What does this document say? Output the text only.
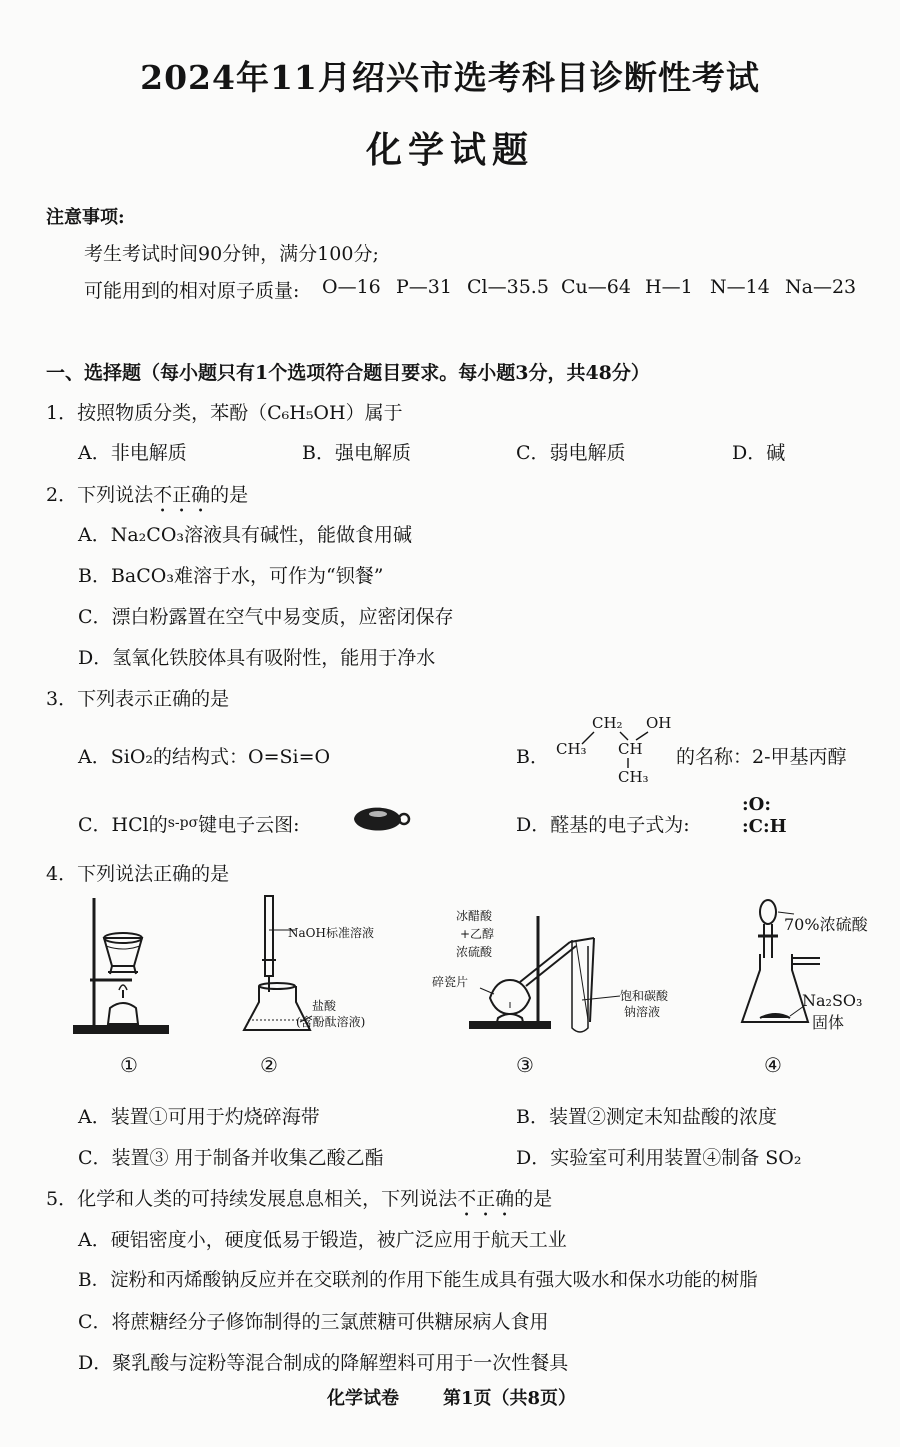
2024年11月绍兴市选考科目诊断性考试
化学试题
注意事项:
考生考试时间90分钟，满分100分;
可能用到的相对原子质量: O—16 P—31 Cl—35.5 Cu—64 H—1 N—14 Na—23
一、选择题（每小题只有1个选项符合题目要求。每小题3分，共48分）
1．按照物质分类，苯酚（C₆H₅OH）属于
A．非电解质	B．强电解质	C．弱电解质	D．碱
2．下列说法不正确的是
A．Na₂CO₃溶液具有碱性，能做食用碱
B．BaCO₃难溶于水，可作为“钡餐”
C．漂白粉露置在空气中易变质，应密闭保存
D．氢氧化铁胶体具有吸附性，能用于净水
3．下列表示正确的是
A．SiO₂的结构式：O=Si=O	B．
CH₂ OH
CH₃ CH
CH₃
的名称：2-甲基丙醇
C．HCl的$^{s-p\sigma}$键电子云图:	D．醛基的电子式为:
:O:
:C:H
4．下列说法正确的是
NaOH标准溶液
盐酸
(含酚酞溶液)
冰醋酸
+乙醇
浓硫酸
碎瓷片
饱和碳酸
钠溶液
70%浓硫酸
Na₂SO₃
固体
①	②	③	④
A．装置①可用于灼烧碎海带	B．装置②测定未知盐酸的浓度
C．装置③ 用于制备并收集乙酸乙酯	D．实验室可利用装置④制备 SO₂
5．化学和人类的可持续发展息息相关，下列说法不正确的是
A．硬铝密度小，硬度低易于锻造，被广泛应用于航天工业
B．淀粉和丙烯酸钠反应并在交联剂的作用下能生成具有强大吸水和保水功能的树脂
C．将蔗糖经分子修饰制得的三氯蔗糖可供糖尿病人食用
D．聚乳酸与淀粉等混合制成的降解塑料可用于一次性餐具
化学试卷 第1页（共8页）
